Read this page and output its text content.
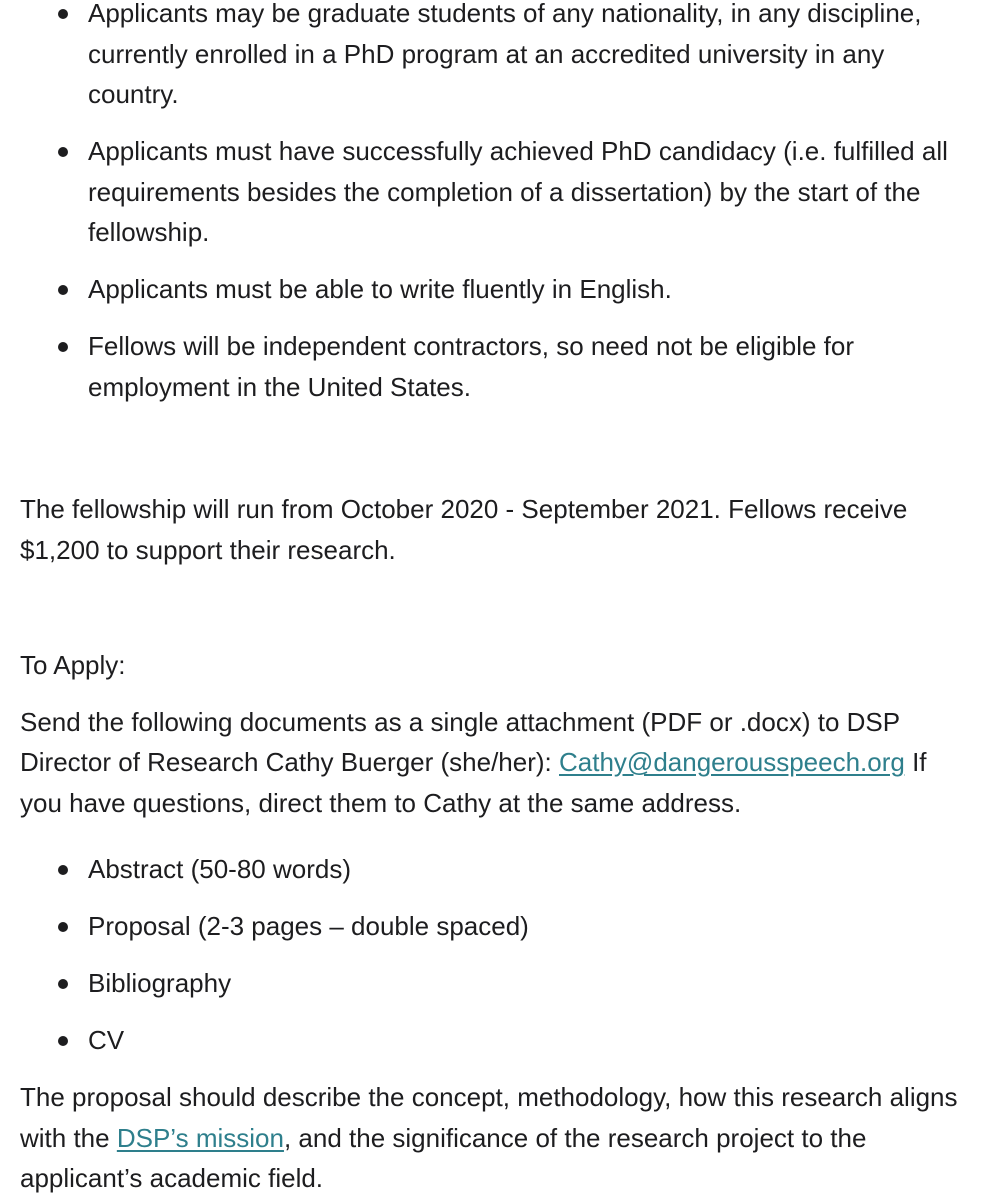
Applicants may be graduate students of any nationality, in any discipline, currently enrolled in a PhD program at an accredited university in any country.
Applicants must have successfully achieved PhD candidacy (i.e. fulfilled all requirements besides the completion of a dissertation) by the start of the fellowship.
Applicants must be able to write fluently in English.
Fellows will be independent contractors, so need not be eligible for employment in the United States.

The fellowship will run from October 2020 - September 2021. Fellows receive $1,200 to support their research.

To Apply:

Send the following documents as a single attachment (PDF or .docx) to DSP Director of Research Cathy Buerger (she/her): Cathy@dangerousspeech.org If you have questions, direct them to Cathy at the same address.

Abstract (50-80 words)
Proposal (2-3 pages – double spaced)
Bibliography
CV

The proposal should describe the concept, methodology, how this research aligns with the DSP’s mission, and the significance of the research project to the applicant’s academic field.
